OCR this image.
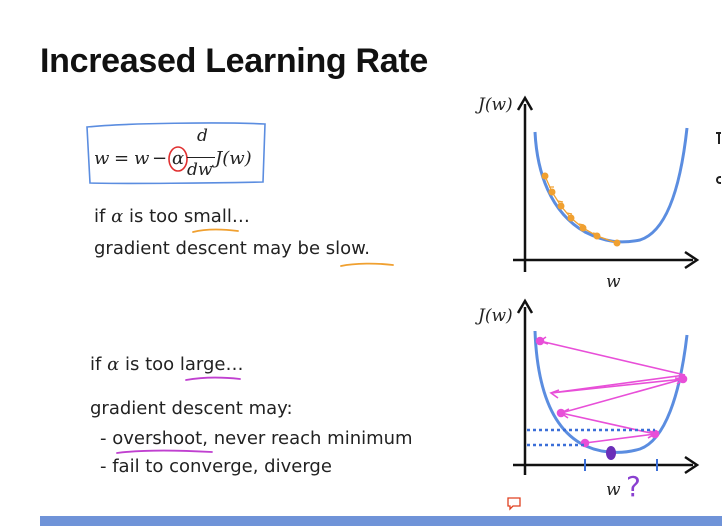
Increased Learning Rate
w = w − α
d
dw
J(w)
if α is too small…
gradient descent may be slow.
if α is too large…
gradient descent may:
- overshoot, never reach minimum
- fail to converge, diverge
J(w)
w
J(w)
w ?
